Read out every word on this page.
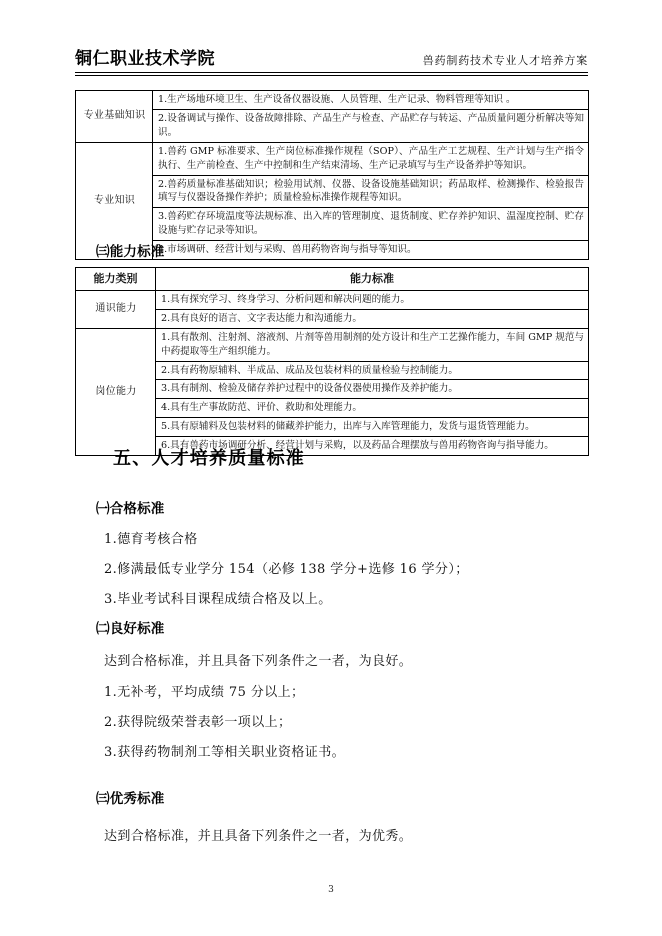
铜仁职业技术学院	兽药制药技术专业人才培养方案
专业基础知识	1.生产场地环境卫生、生产设备仪器设施、人员管理、生产记录、物料管理等知识 。
	2.设备调试与操作、设备故障排除、产品生产与检查、产品贮存与转运、产品质量问题分析解决等知识。
专业知识	1.兽药 GMP 标准要求、生产岗位标准操作规程（SOP）、产品生产工艺规程、生产计划与生产指令执行、生产前检查、生产中控制和生产结束清场、生产记录填写与生产设备养护等知识。
	2.兽药质量标准基础知识；检验用试剂、仪器、设备设施基础知识；药品取样、检测操作、检验报告填写与仪器设备操作养护；质量检验标准操作规程等知识。
	3.兽药贮存环境温度等法规标准、出入库的管理制度、退货制度、贮存养护知识、温湿度控制、贮存设施与贮存记录等知识。
	4.市场调研、经营计划与采购、兽用药物咨询与指导等知识。
㈢能力标准
能力类别	能力标准
通识能力	1.具有探究学习、终身学习、分析问题和解决问题的能力。
	2.具有良好的语言、文字表达能力和沟通能力。
岗位能力	1.具有散剂、注射剂、溶液剂、片剂等兽用制剂的处方设计和生产工艺操作能力，车间 GMP 规范与中药提取等生产组织能力。
	2.具有药物原辅料、半成品、成品及包装材料的质量检验与控制能力。
	3.具有制剂、检验及储存养护过程中的设备仪器使用操作及养护能力。
	4.具有生产事故防范、评价、救助和处理能力。
	5.具有原辅料及包装材料的储藏养护能力，出库与入库管理能力，发货与退货管理能力。
	6.具有兽药市场调研分析、经营计划与采购，以及药品合理摆放与兽用药物咨询与指导能力。
五、人才培养质量标准
㈠合格标准
1.德育考核合格
2.修满最低专业学分 154（必修 138 学分+选修 16 学分）；
3.毕业考试科目课程成绩合格及以上。
㈡良好标准
达到合格标准，并且具备下列条件之一者，为良好。
1.无补考，平均成绩 75 分以上；
2.获得院级荣誉表彰一项以上；
3.获得药物制剂工等相关职业资格证书。
㈢优秀标准
达到合格标准，并且具备下列条件之一者，为优秀。
3
